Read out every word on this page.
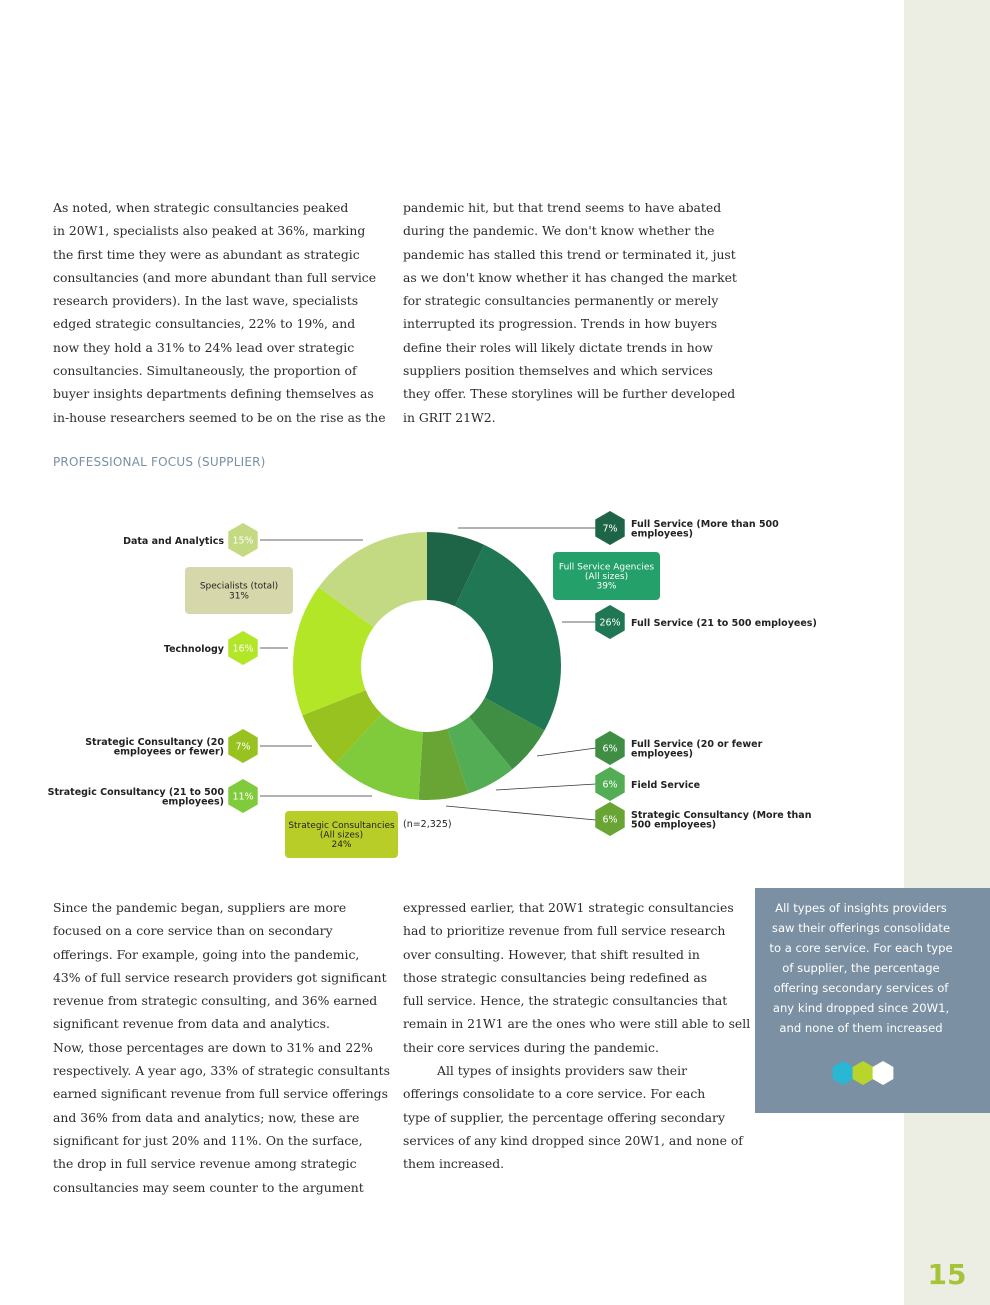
15
As noted, when strategic consultancies peaked
in 20W1, specialists also peaked at 36%, marking
the first time they were as abundant as strategic
consultancies (and more abundant than full service
research providers). In the last wave, specialists
edged strategic consultancies, 22% to 19%, and
now they hold a 31% to 24% lead over strategic
consultancies. Simultaneously, the proportion of
buyer insights departments defining themselves as
in-house researchers seemed to be on the rise as the
pandemic hit, but that trend seems to have abated
during the pandemic. We don't know whether the
pandemic has stalled this trend or terminated it, just
as we don't know whether it has changed the market
for strategic consultancies permanently or merely
interrupted its progression. Trends in how buyers
define their roles will likely dictate trends in how
suppliers position themselves and which services
they offer. These storylines will be further developed
in GRIT 21W2.
PROFESSIONAL FOCUS (SUPPLIER)
7% Full Service (More than 500
employees)
26% Full Service (21 to 500 employees)
6% Full Service (20 or fewer
employees)
6% Field Service
6% Strategic Consultancy (More than
500 employees)
15%
Data and Analytics
16%
Technology
7%
Strategic Consultancy (20
employees or fewer)
11%
Strategic Consultancy (21 to 500
employees)
Full Service Agencies
(All sizes)
39%
Specialists (total)
31%
Strategic Consultancies
(All sizes)
24%
(n=2,325)
Since the pandemic began, suppliers are more
focused on a core service than on secondary
offerings. For example, going into the pandemic,
43% of full service research providers got significant
revenue from strategic consulting, and 36% earned
significant revenue from data and analytics.
Now, those percentages are down to 31% and 22%
respectively. A year ago, 33% of strategic consultants
earned significant revenue from full service offerings
and 36% from data and analytics; now, these are
significant for just 20% and 11%. On the surface,
the drop in full service revenue among strategic
consultancies may seem counter to the argument
expressed earlier, that 20W1 strategic consultancies
had to prioritize revenue from full service research
over consulting. However, that shift resulted in
those strategic consultancies being redefined as
full service. Hence, the strategic consultancies that
remain in 21W1 are the ones who were still able to sell
their core services during the pandemic.
All types of insights providers saw their
offerings consolidate to a core service. For each
type of supplier, the percentage offering secondary
services of any kind dropped since 20W1, and none of
them increased.
All types of insights providers
saw their offerings consolidate
to a core service. For each type
of supplier, the percentage
offering secondary services of
any kind dropped since 20W1,
and none of them increased
